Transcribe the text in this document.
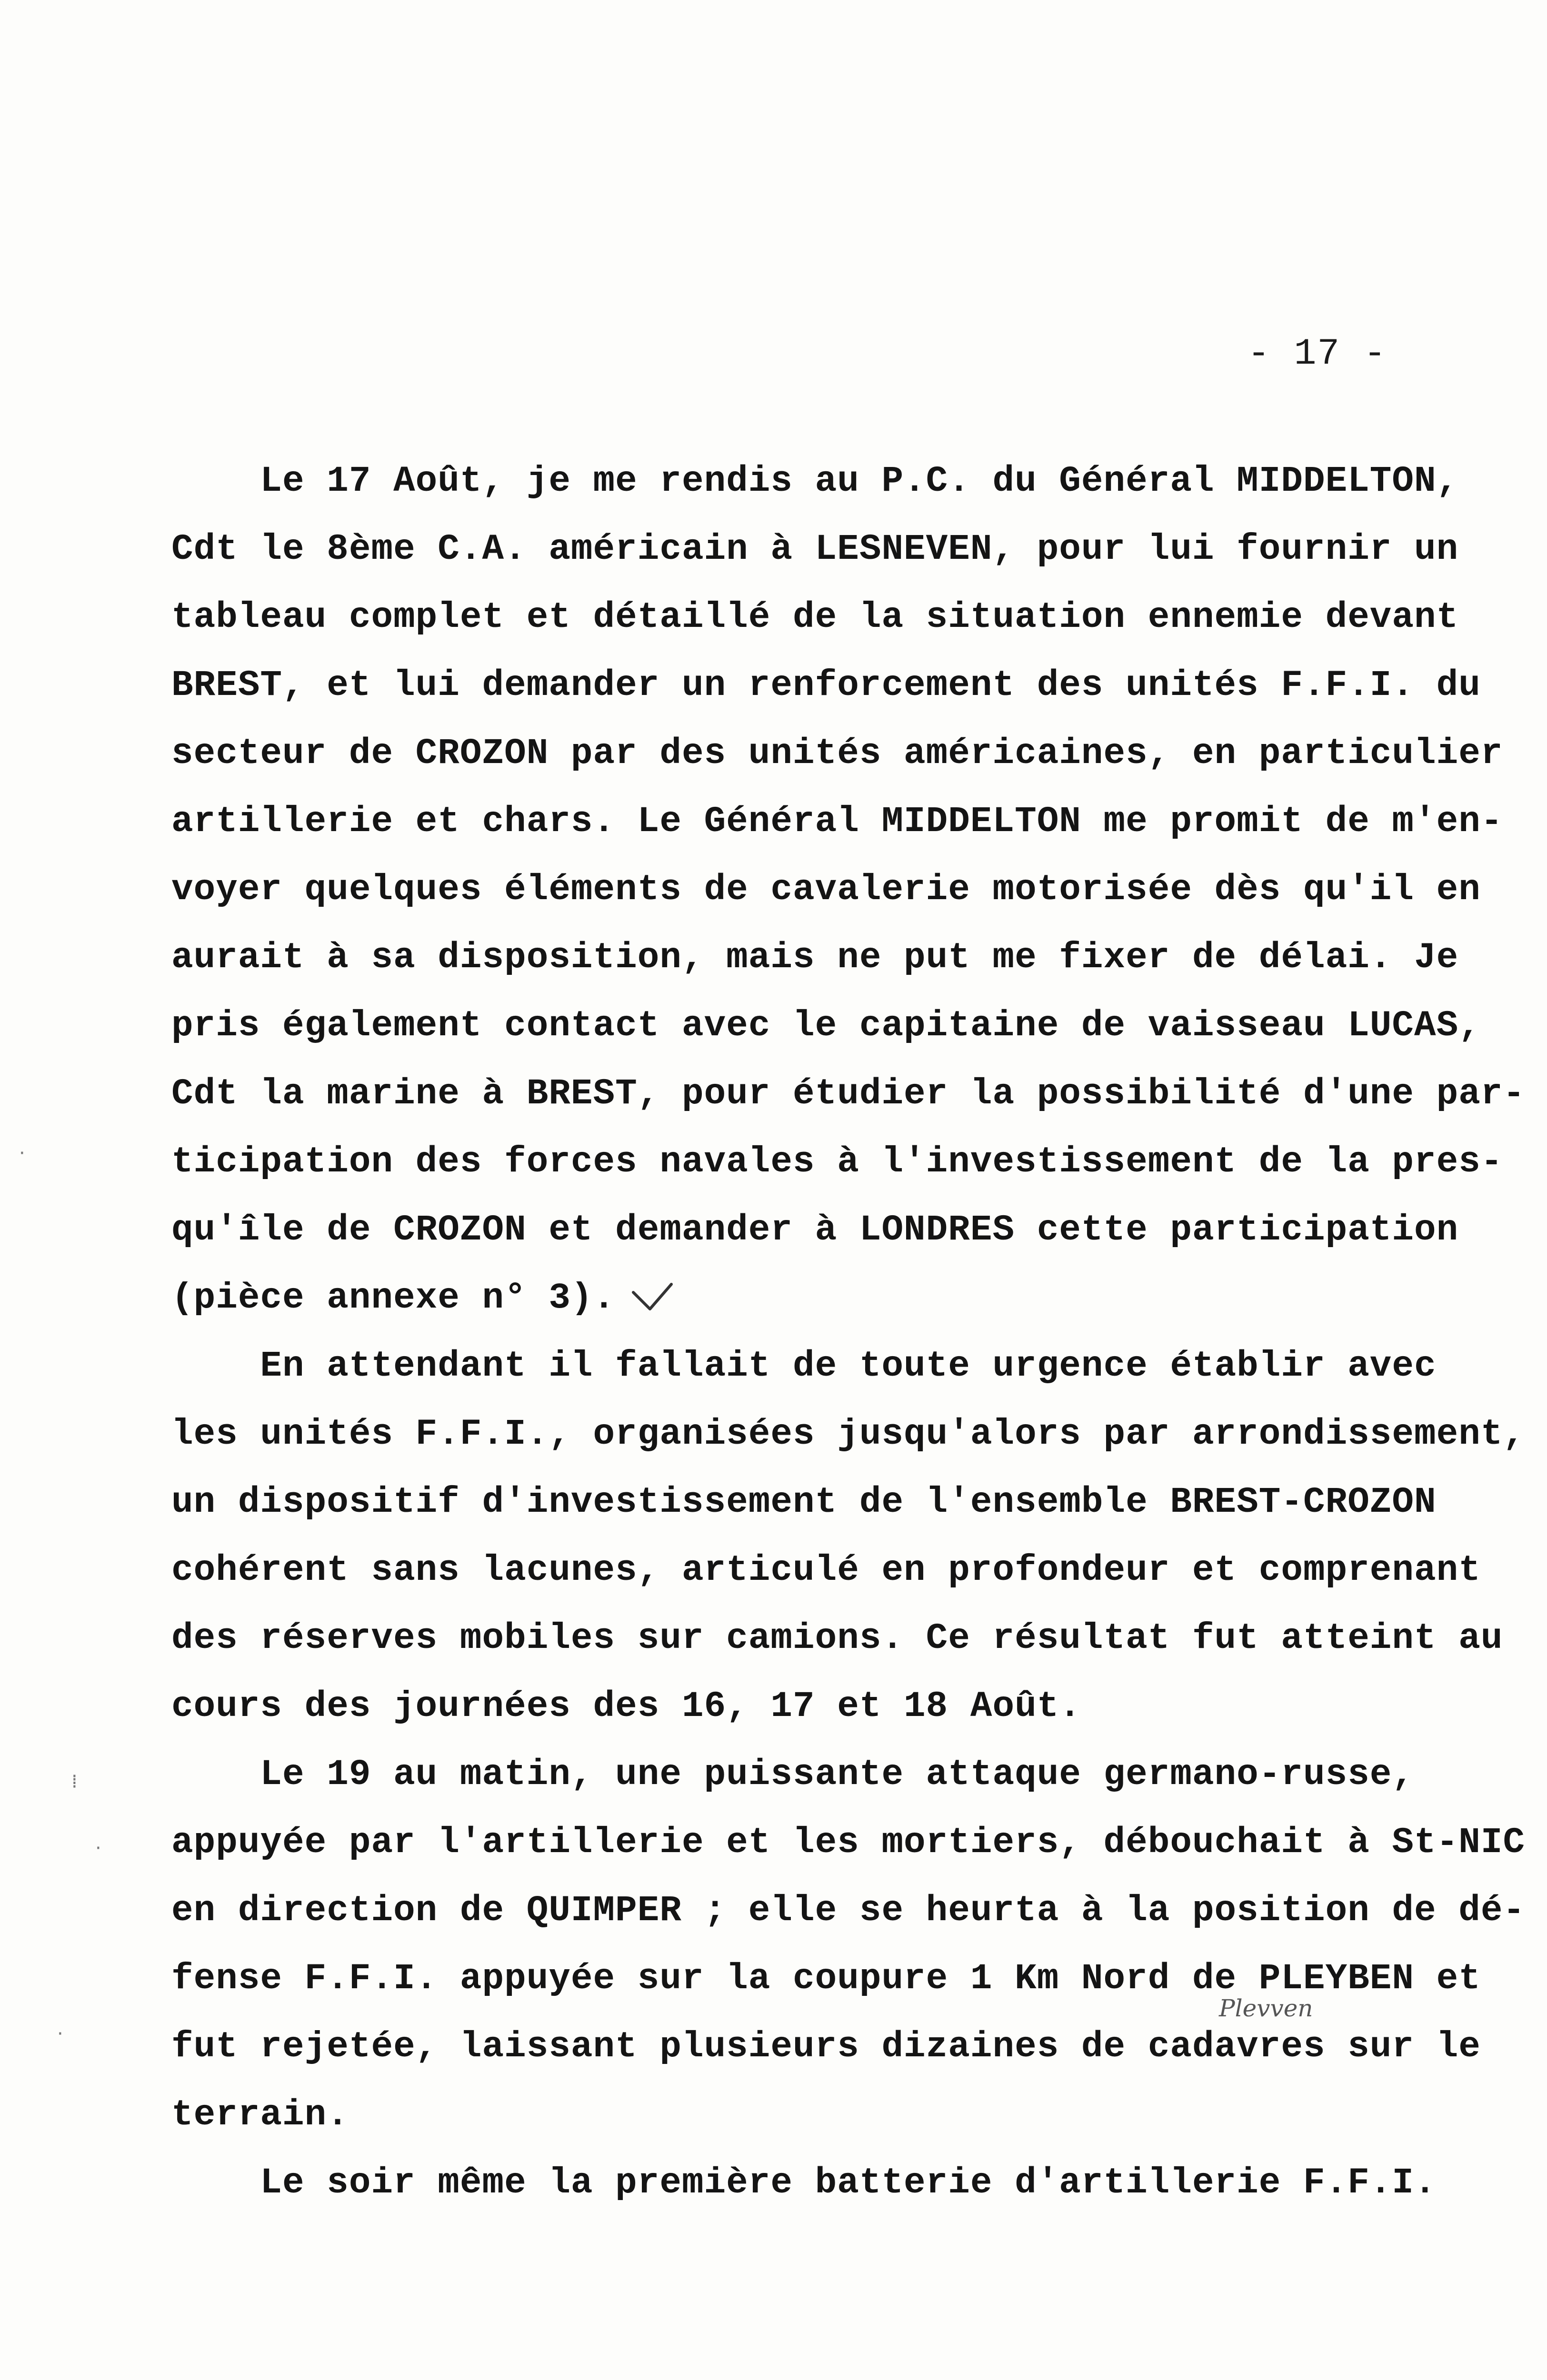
- 17 -
Le 17 Août, je me rendis au P.C. du Général MIDDELTON,
Cdt le 8ème C.A. américain à LESNEVEN, pour lui fournir un
tableau complet et détaillé de la situation ennemie devant
BREST, et lui demander un renforcement des unités F.F.I. du
secteur de CROZON par des unités américaines, en particulier
artillerie et chars. Le Général MIDDELTON me promit de m'en-
voyer quelques éléments de cavalerie motorisée dès qu'il en
aurait à sa disposition, mais ne put me fixer de délai. Je
pris également contact avec le capitaine de vaisseau LUCAS,
Cdt la marine à BREST, pour étudier la possibilité d'une par-
ticipation des forces navales à l'investissement de la pres-
qu'île de CROZON et demander à LONDRES cette participation
(pièce annexe n° 3).
En attendant il fallait de toute urgence établir avec
les unités F.F.I., organisées jusqu'alors par arrondissement,
un dispositif d'investissement de l'ensemble BREST-CROZON
cohérent sans lacunes, articulé en profondeur et comprenant
des réserves mobiles sur camions. Ce résultat fut atteint au
cours des journées des 16, 17 et 18 Août.
Le 19 au matin, une puissante attaque germano-russe,
appuyée par l'artillerie et les mortiers, débouchait à St-NIC
en direction de QUIMPER ; elle se heurta à la position de dé-
fense F.F.I. appuyée sur la coupure 1 Km Nord de PLEYBEN et
fut rejetée, laissant plusieurs dizaines de cadavres sur le
terrain.
Le soir même la première batterie d'artillerie F.F.I.
Plevven
·
⁞
·
·
